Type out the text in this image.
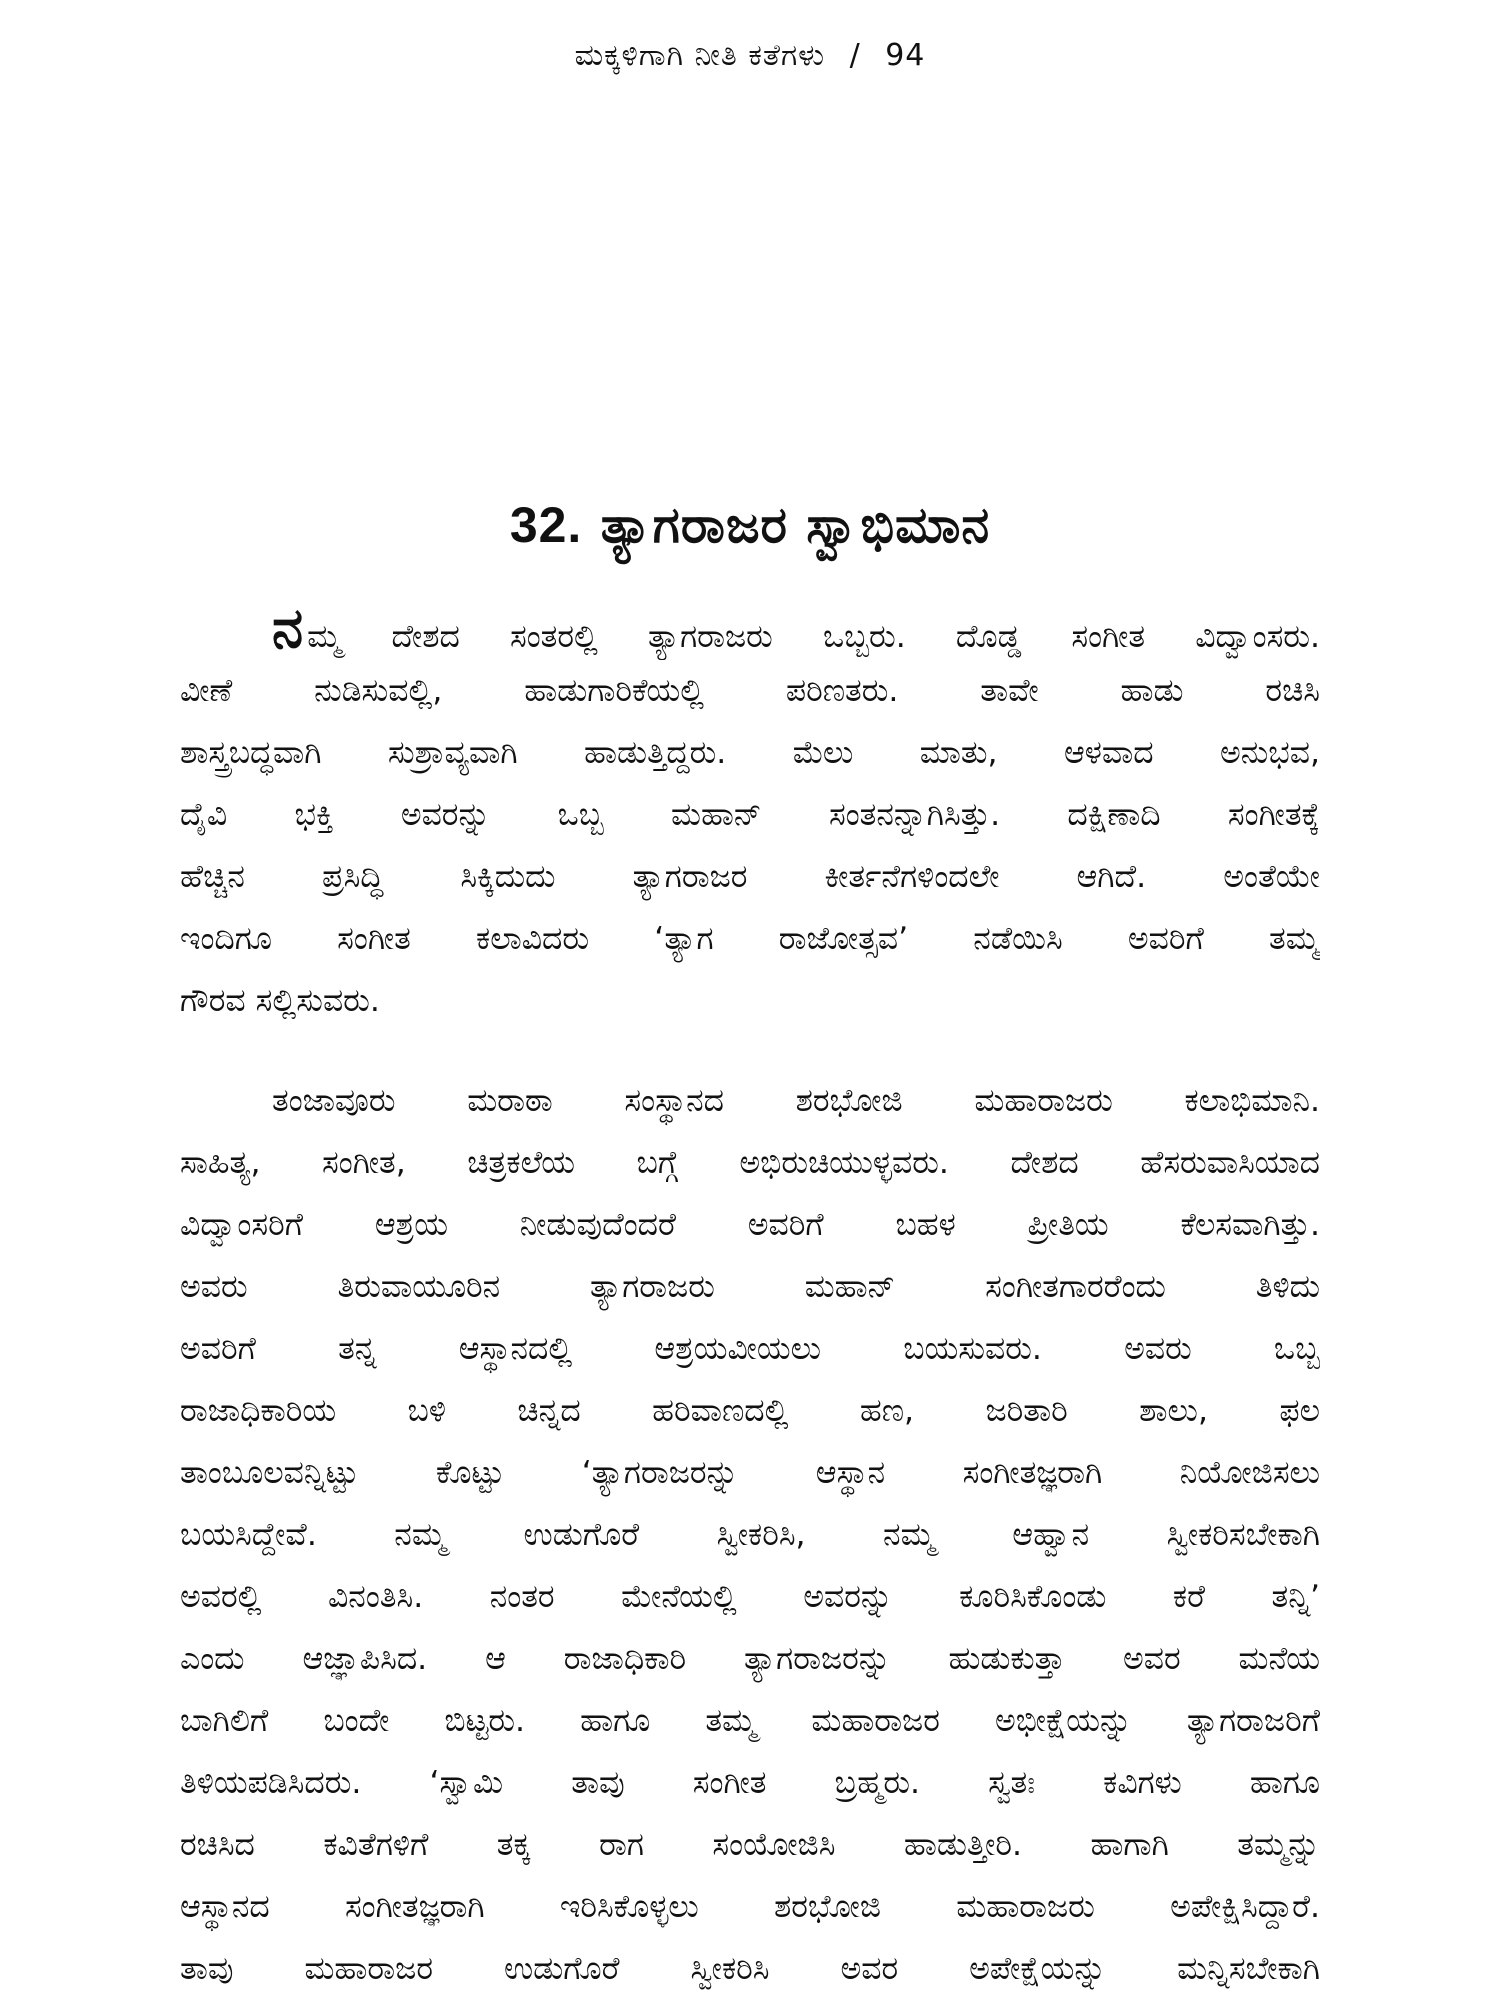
ಮಕ್ಕಳಿಗಾಗಿ ನೀತಿ ಕತೆಗಳು / 94
32. ತ್ಯಾಗರಾಜರ ಸ್ವಾಭಿಮಾನ
ನಮ್ಮ ದೇಶದ ಸಂತರಲ್ಲಿ ತ್ಯಾಗರಾಜರು ಒಬ್ಬರು. ದೊಡ್ಡ ಸಂಗೀತ ವಿದ್ವಾಂಸರು.
ವೀಣೆ ನುಡಿಸುವಲ್ಲಿ, ಹಾಡುಗಾರಿಕೆಯಲ್ಲಿ ಪರಿಣತರು. ತಾವೇ ಹಾಡು ರಚಿಸಿ
ಶಾಸ್ತ್ರಬದ್ಧವಾಗಿ ಸುಶ್ರಾವ್ಯವಾಗಿ ಹಾಡುತ್ತಿದ್ದರು. ಮೆಲು ಮಾತು, ಆಳವಾದ ಅನುಭವ,
ದೈವಿ ಭಕ್ತಿ ಅವರನ್ನು ಒಬ್ಬ ಮಹಾನ್ ಸಂತನನ್ನಾಗಿಸಿತ್ತು. ದಕ್ಷಿಣಾದಿ ಸಂಗೀತಕ್ಕೆ
ಹೆಚ್ಚಿನ ಪ್ರಸಿದ್ಧಿ ಸಿಕ್ಕಿದುದು ತ್ಯಾಗರಾಜರ ಕೀರ್ತನೆಗಳಿಂದಲೇ ಆಗಿದೆ. ಅಂತೆಯೇ
ಇಂದಿಗೂ ಸಂಗೀತ ಕಲಾವಿದರು ‘ತ್ಯಾಗ ರಾಜೋತ್ಸವ’ ನಡೆಯಿಸಿ ಅವರಿಗೆ ತಮ್ಮ
ಗೌರವ ಸಲ್ಲಿಸುವರು.
ತಂಜಾವೂರು ಮರಾಠಾ ಸಂಸ್ಥಾನದ ಶರಭೋಜಿ ಮಹಾರಾಜರು ಕಲಾಭಿಮಾನಿ.
ಸಾಹಿತ್ಯ, ಸಂಗೀತ, ಚಿತ್ರಕಲೆಯ ಬಗ್ಗೆ ಅಭಿರುಚಿಯುಳ್ಳವರು. ದೇಶದ ಹೆಸರುವಾಸಿಯಾದ
ವಿದ್ವಾಂಸರಿಗೆ ಆಶ್ರಯ ನೀಡುವುದೆಂದರೆ ಅವರಿಗೆ ಬಹಳ ಪ್ರೀತಿಯ ಕೆಲಸವಾಗಿತ್ತು.
ಅವರು ತಿರುವಾಯೂರಿನ ತ್ಯಾಗರಾಜರು ಮಹಾನ್ ಸಂಗೀತಗಾರರೆಂದು ತಿಳಿದು
ಅವರಿಗೆ ತನ್ನ ಆಸ್ಥಾನದಲ್ಲಿ ಆಶ್ರಯವೀಯಲು ಬಯಸುವರು. ಅವರು ಒಬ್ಬ
ರಾಜಾಧಿಕಾರಿಯ ಬಳಿ ಚಿನ್ನದ ಹರಿವಾಣದಲ್ಲಿ ಹಣ, ಜರಿತಾರಿ ಶಾಲು, ಫಲ
ತಾಂಬೂಲವನ್ನಿಟ್ಟು ಕೊಟ್ಟು ‘ತ್ಯಾಗರಾಜರನ್ನು ಆಸ್ಥಾನ ಸಂಗೀತಜ್ಞರಾಗಿ ನಿಯೋಜಿಸಲು
ಬಯಸಿದ್ದೇವೆ. ನಮ್ಮ ಉಡುಗೊರೆ ಸ್ವೀಕರಿಸಿ, ನಮ್ಮ ಆಹ್ವಾನ ಸ್ವೀಕರಿಸಬೇಕಾಗಿ
ಅವರಲ್ಲಿ ವಿನಂತಿಸಿ. ನಂತರ ಮೇನೆಯಲ್ಲಿ ಅವರನ್ನು ಕೂರಿಸಿಕೊಂಡು ಕರೆ ತನ್ನಿ’
ಎಂದು ಆಜ್ಞಾಪಿಸಿದ. ಆ ರಾಜಾಧಿಕಾರಿ ತ್ಯಾಗರಾಜರನ್ನು ಹುಡುಕುತ್ತಾ ಅವರ ಮನೆಯ
ಬಾಗಿಲಿಗೆ ಬಂದೇ ಬಿಟ್ಟರು. ಹಾಗೂ ತಮ್ಮ ಮಹಾರಾಜರ ಅಭೀಕ್ಷೆಯನ್ನು ತ್ಯಾಗರಾಜರಿಗೆ
ತಿಳಿಯಪಡಿಸಿದರು. ‘ಸ್ವಾಮಿ ತಾವು ಸಂಗೀತ ಬ್ರಹ್ಮರು. ಸ್ವತಃ ಕವಿಗಳು ಹಾಗೂ
ರಚಿಸಿದ ಕವಿತೆಗಳಿಗೆ ತಕ್ಕ ರಾಗ ಸಂಯೋಜಿಸಿ ಹಾಡುತ್ತೀರಿ. ಹಾಗಾಗಿ ತಮ್ಮನ್ನು
ಆಸ್ಥಾನದ ಸಂಗೀತಜ್ಞರಾಗಿ ಇರಿಸಿಕೊಳ್ಳಲು ಶರಭೋಜಿ ಮಹಾರಾಜರು ಅಪೇಕ್ಷಿಸಿದ್ದಾರೆ.
ತಾವು ಮಹಾರಾಜರ ಉಡುಗೊರೆ ಸ್ವೀಕರಿಸಿ ಅವರ ಅಪೇಕ್ಷೆಯನ್ನು ಮನ್ನಿಸಬೇಕಾಗಿ
